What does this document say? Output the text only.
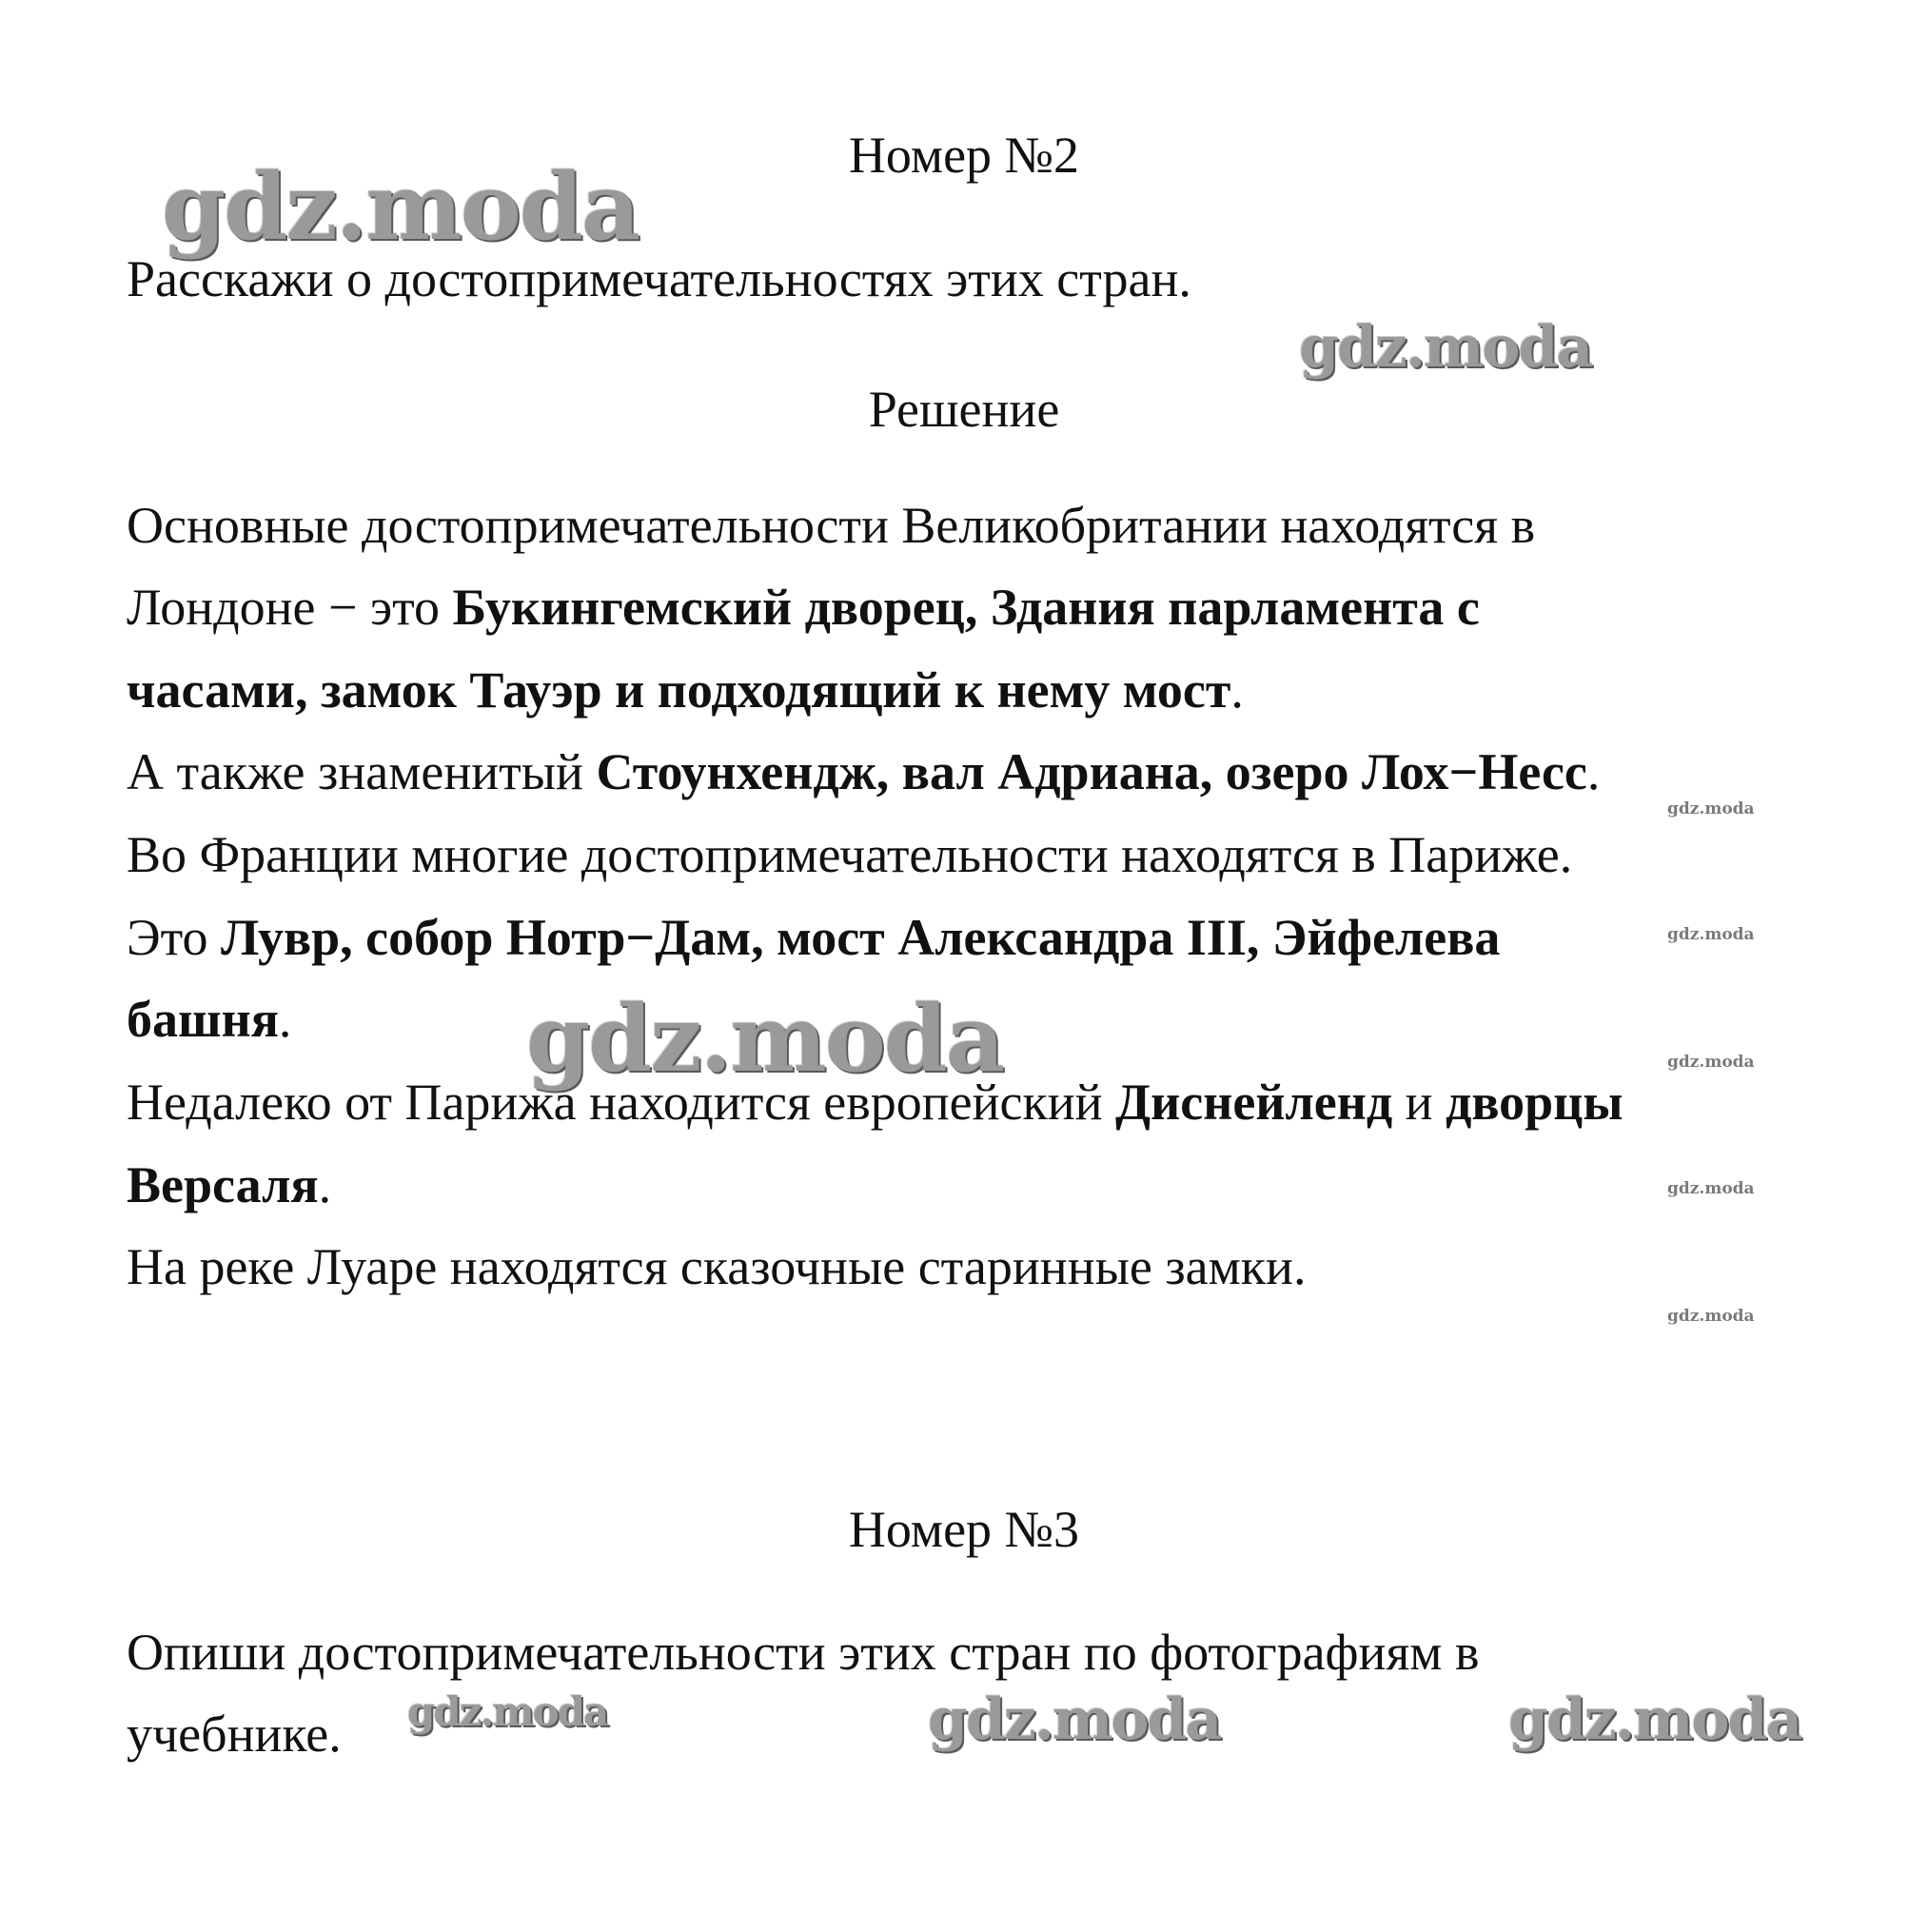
Номер №2
Расскажи о достопримечательностях этих стран.
Решение
Основные достопримечательности Великобритании находятся в
Лондоне − это Букингемский дворец, Здания парламента с
часами, замок Тауэр и подходящий к нему мост.
А также знаменитый Стоунхендж, вал Адриана, озеро Лох−Несс.
Во Франции многие достопримечательности находятся в Париже.
Это Лувр, собор Нотр−Дам, мост Александра III, Эйфелева
башня.
Недалеко от Парижа находится европейский Диснейленд и дворцы
Версаля.
На реке Луаре находятся сказочные старинные замки.
Номер №3
Опиши достопримечательности этих стран по фотографиям в
учебнике.
gdz.moda
gdz.moda
gdz.moda
gdz.moda	gdz.moda	gdz.moda
gdz.moda
gdz.moda
gdz.moda
gdz.moda
gdz.moda
